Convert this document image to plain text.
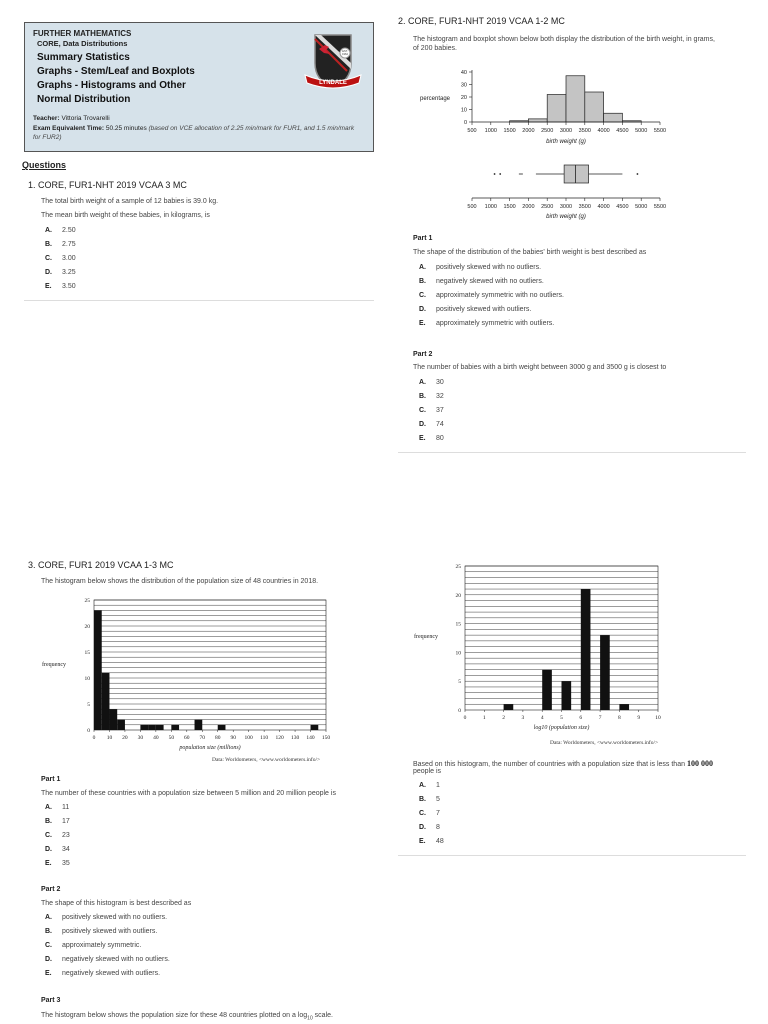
FURTHER MATHEMATICS
CORE, Data Distributions
Summary Statistics
Graphs - Stem/Leaf and Boxplots
Graphs - Histograms and Other
Normal Distribution
Teacher: Vittoria Trovarelli
Exam Equivalent Time: 50.25 minutes (based on VCE allocation of 2.25 min/mark for FUR1, and 1.5 min/mark
for FUR2)
EST.
1964
LYNDALE
Questions
1. CORE, FUR1-NHT 2019 VCAA 3 MC
The total birth weight of a sample of 12 babies is 39.0 kg.
The mean birth weight of these babies, in kilograms, is
A. 2.50
B. 2.75
C. 3.00
D. 3.25
E. 3.50
2. CORE, FUR1-NHT 2019 VCAA 1-2 MC
The histogram and boxplot shown below both display the distribution of the birth weight, in grams,
of 200 babies.
0
10
20
30
40
500 1000 1500 2000 2500 3000 3500 4000 4500 5000 5500
percentage
birth weight (g)
500 1000 1500 2000 2500 3000 3500 4000 4500 5000 5500
birth weight (g)
Part 1
The shape of the distribution of the babies' birth weight is best described as
A. positively skewed with no outliers.
B. negatively skewed with no outliers.
C. approximately symmetric with no outliers.
D. positively skewed with outliers.
E. approximately symmetric with outliers.
Part 2
The number of babies with a birth weight between 3000 g and 3500 g is closest to
A. 30
B. 32
C. 37
D. 74
E. 80
3. CORE, FUR1 2019 VCAA 1-3 MC
The histogram below shows the distribution of the population size of 48 countries in 2018.
0
5
10
15
20
25
0 10 20 30 40 50 60 70 80 90 100 110 120 130 140 150
frequency
population size (millions)
Data: Worldometers, <www.worldometers.info/>
Part 1
The number of these countries with a population size between 5 million and 20 million people is
A. 11
B. 17
C. 23
D. 34
E. 35
Part 2
The shape of this histogram is best described as
A. positively skewed with no outliers.
B. positively skewed with outliers.
C. approximately symmetric.
D. negatively skewed with no outliers.
E. negatively skewed with outliers.
Part 3
The histogram below shows the population size for these 48 countries plotted on a $\log_{10}$ scale.
0
5
10
15
20
25
0	1	2	3	4	5	6	7	8	9	10
frequency
log10 (population size)
Data: Worldometers, <www.worldometers.info/>
Based on this histogram, the number of countries with a population size that is less than 100 000
people is
A. 1
B. 5
C. 7
D. 8
E. 48
